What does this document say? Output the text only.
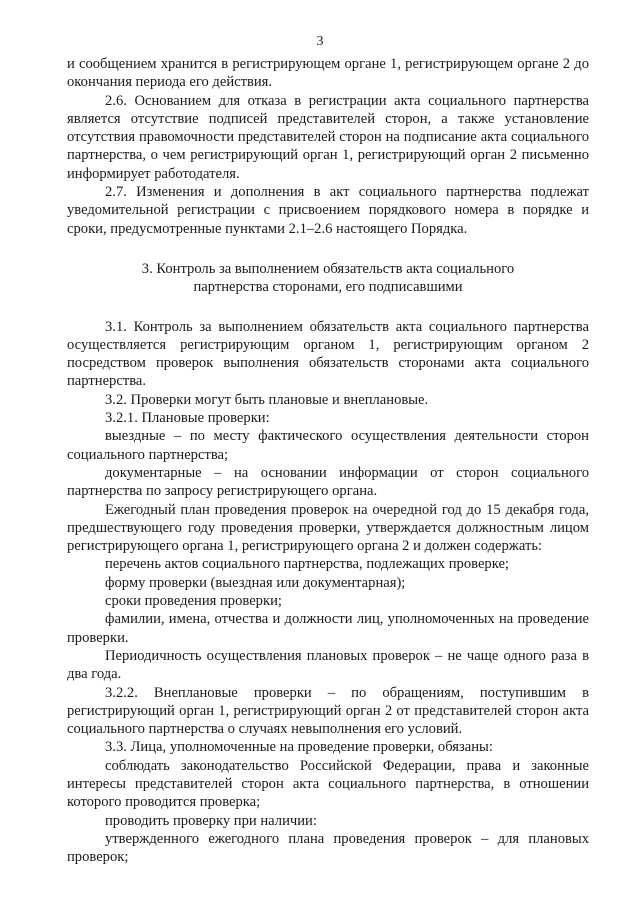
3

и сообщением хранится в регистрирующем органе 1, регистрирующем органе 2 до окончания периода его действия.

2.6. Основанием для отказа в регистрации акта социального партнерства является отсутствие подписей представителей сторон, а также установление отсутствия правомочности представителей сторон на подписание акта социального партнерства, о чем регистрирующий орган 1, регистрирующий орган 2 письменно информирует работодателя.

2.7. Изменения и дополнения в акт социального партнерства подлежат уведомительной регистрации с присвоением порядкового номера в порядке и сроки, предусмотренные пунктами 2.1–2.6 настоящего Порядка.

3. Контроль за выполнением обязательств акта социального партнерства сторонами, его подписавшими

3.1. Контроль за выполнением обязательств акта социального партнерства осуществляется регистрирующим органом 1, регистрирующим органом 2 посредством проверок выполнения обязательств сторонами акта социального партнерства.

3.2. Проверки могут быть плановые и внеплановые.

3.2.1. Плановые проверки:

выездные – по месту фактического осуществления деятельности сторон социального партнерства;

документарные – на основании информации от сторон социального партнерства по запросу регистрирующего органа.

Ежегодный план проведения проверок на очередной год до 15 декабря года, предшествующего году проведения проверки, утверждается должностным лицом регистрирующего органа 1, регистрирующего органа 2 и должен содержать:

перечень актов социального партнерства, подлежащих проверке;

форму проверки (выездная или документарная);

сроки проведения проверки;

фамилии, имена, отчества и должности лиц, уполномоченных на проведение проверки.

Периодичность осуществления плановых проверок – не чаще одного раза в два года.

3.2.2. Внеплановые проверки – по обращениям, поступившим в регистрирующий орган 1, регистрирующий орган 2 от представителей сторон акта социального партнерства о случаях невыполнения его условий.

3.3. Лица, уполномоченные на проведение проверки, обязаны:

соблюдать законодательство Российской Федерации, права и законные интересы представителей сторон акта социального партнерства, в отношении которого проводится проверка;

проводить проверку при наличии:

утвержденного ежегодного плана проведения проверок – для плановых проверок;
